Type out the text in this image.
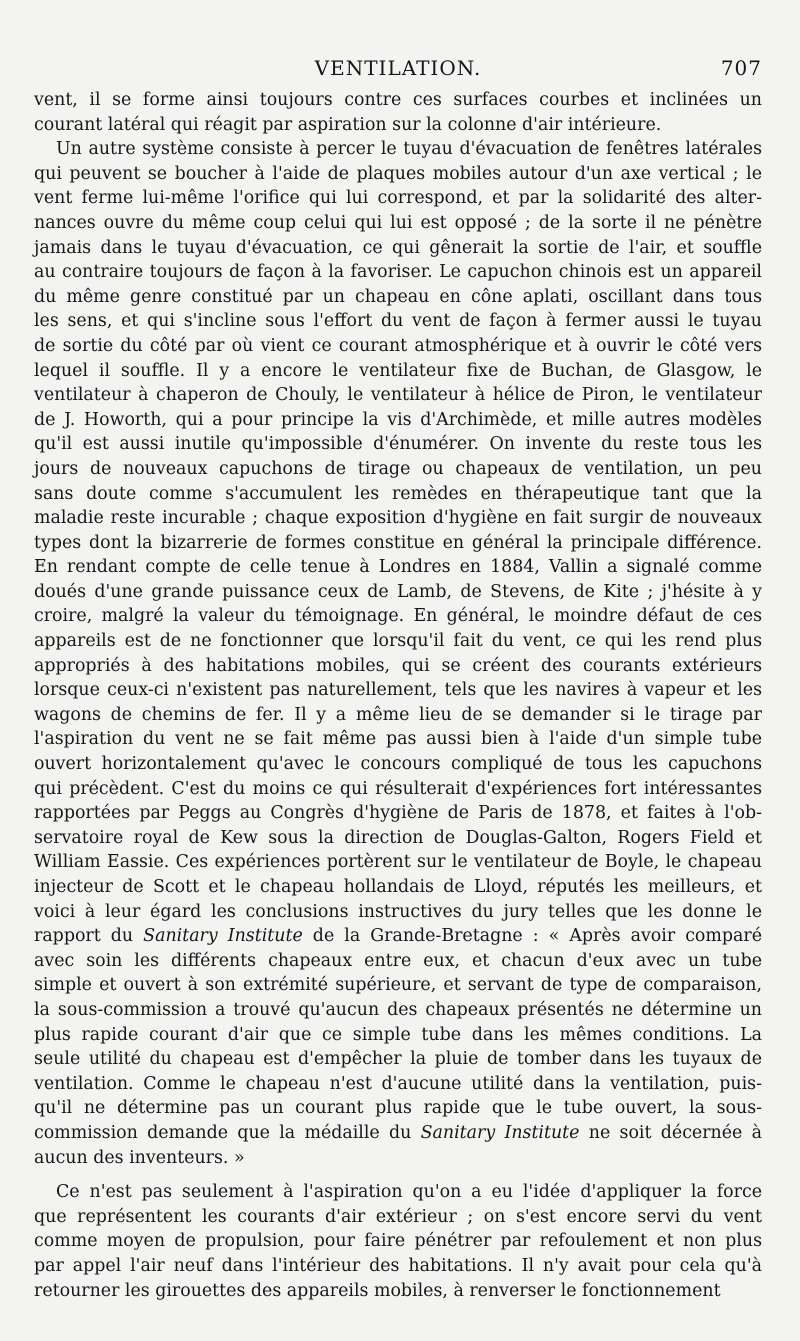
VENTILATION.	707
vent, il se forme ainsi toujours contre ces surfaces courbes et inclinées un
courant latéral qui réagit par aspiration sur la colonne d'air intérieure.
Un autre système consiste à percer le tuyau d'évacuation de fenêtres latérales
qui peuvent se boucher à l'aide de plaques mobiles autour d'un axe vertical ; le
vent ferme lui-même l'orifice qui lui correspond, et par la solidarité des alter-
nances ouvre du même coup celui qui lui est opposé ; de la sorte il ne pénètre
jamais dans le tuyau d'évacuation, ce qui gênerait la sortie de l'air, et souffle
au contraire toujours de façon à la favoriser. Le capuchon chinois est un appareil
du même genre constitué par un chapeau en cône aplati, oscillant dans tous
les sens, et qui s'incline sous l'effort du vent de façon à fermer aussi le tuyau
de sortie du côté par où vient ce courant atmosphérique et à ouvrir le côté vers
lequel il souffle. Il y a encore le ventilateur fixe de Buchan, de Glasgow, le
ventilateur à chaperon de Chouly, le ventilateur à hélice de Piron, le ventilateur
de J. Howorth, qui a pour principe la vis d'Archimède, et mille autres modèles
qu'il est aussi inutile qu'impossible d'énumérer. On invente du reste tous les
jours de nouveaux capuchons de tirage ou chapeaux de ventilation, un peu
sans doute comme s'accumulent les remèdes en thérapeutique tant que la
maladie reste incurable ; chaque exposition d'hygiène en fait surgir de nouveaux
types dont la bizarrerie de formes constitue en général la principale différence.
En rendant compte de celle tenue à Londres en 1884, Vallin a signalé comme
doués d'une grande puissance ceux de Lamb, de Stevens, de Kite ; j'hésite à y
croire, malgré la valeur du témoignage. En général, le moindre défaut de ces
appareils est de ne fonctionner que lorsqu'il fait du vent, ce qui les rend plus
appropriés à des habitations mobiles, qui se créent des courants extérieurs
lorsque ceux-ci n'existent pas naturellement, tels que les navires à vapeur et les
wagons de chemins de fer. Il y a même lieu de se demander si le tirage par
l'aspiration du vent ne se fait même pas aussi bien à l'aide d'un simple tube
ouvert horizontalement qu'avec le concours compliqué de tous les capuchons
qui précèdent. C'est du moins ce qui résulterait d'expériences fort intéressantes
rapportées par Peggs au Congrès d'hygiène de Paris de 1878, et faites à l'ob-
servatoire royal de Kew sous la direction de Douglas-Galton, Rogers Field et
William Eassie. Ces expériences portèrent sur le ventilateur de Boyle, le chapeau
injecteur de Scott et le chapeau hollandais de Lloyd, réputés les meilleurs, et
voici à leur égard les conclusions instructives du jury telles que les donne le
rapport du Sanitary Institute de la Grande-Bretagne : « Après avoir comparé
avec soin les différents chapeaux entre eux, et chacun d'eux avec un tube
simple et ouvert à son extrémité supérieure, et servant de type de comparaison,
la sous-commission a trouvé qu'aucun des chapeaux présentés ne détermine un
plus rapide courant d'air que ce simple tube dans les mêmes conditions. La
seule utilité du chapeau est d'empêcher la pluie de tomber dans les tuyaux de
ventilation. Comme le chapeau n'est d'aucune utilité dans la ventilation, puis-
qu'il ne détermine pas un courant plus rapide que le tube ouvert, la sous-
commission demande que la médaille du Sanitary Institute ne soit décernée à
aucun des inventeurs. »
Ce n'est pas seulement à l'aspiration qu'on a eu l'idée d'appliquer la force
que représentent les courants d'air extérieur ; on s'est encore servi du vent
comme moyen de propulsion, pour faire pénétrer par refoulement et non plus
par appel l'air neuf dans l'intérieur des habitations. Il n'y avait pour cela qu'à
retourner les girouettes des appareils mobiles, à renverser le fonctionnement
